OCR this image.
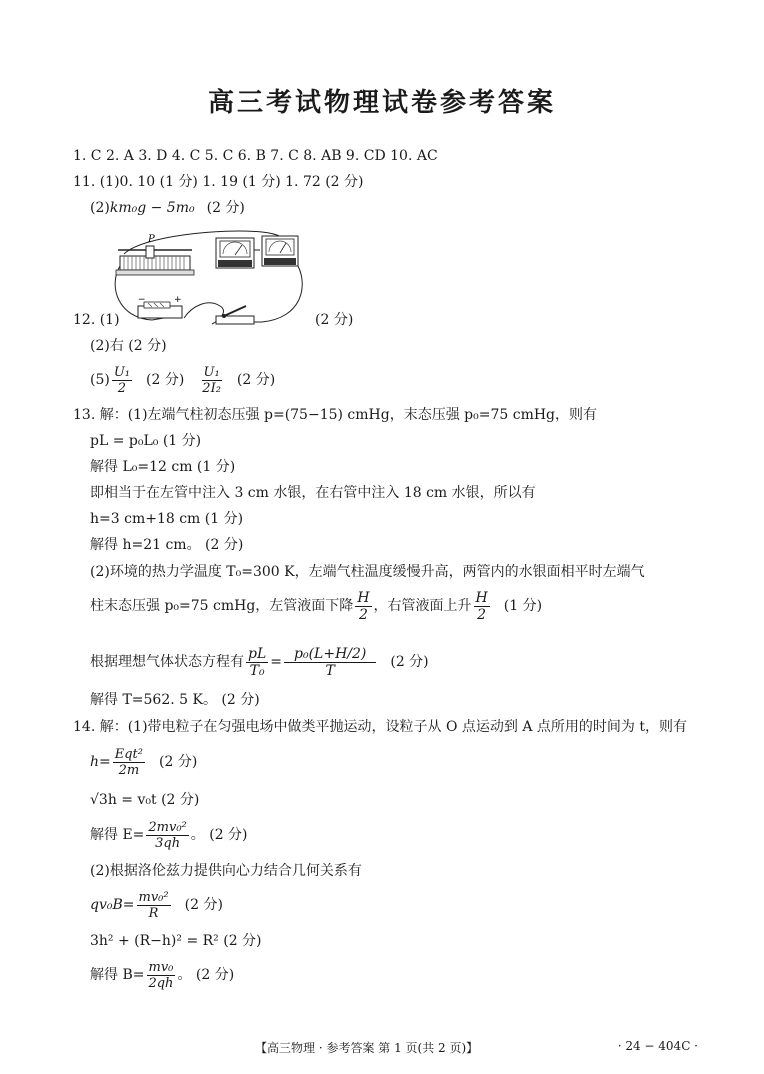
高三考试物理试卷参考答案
1. C 2. A 3. D 4. C 5. C 6. B 7. C 8. AB 9. CD 10. AC
11. (1)0. 10 (1 分) 1. 19 (1 分) 1. 72 (2 分)
(2)km₀g − 5m₀ (2 分)
P
−	+
12. (1)	(2 分)
(2)右 (2 分)
$(5) \frac{\text{U₁}}{2} (2$ 分) $\frac{\text{U₁}}{\text{2I₂}} (2$ 分)
13. 解：(1)左端气柱初态压强 p=(75−15) cmHg，末态压强 p₀=75 cmHg，则有
pL = p₀L₀ (1 分)
解得 L₀=12 cm (1 分)
即相当于在左管中注入 3 cm 水银，在右管中注入 18 cm 水银，所以有
h=3 cm+18 cm (1 分)
解得 h=21 cm。 (2 分)
(2)环境的热力学温度 T₀=300 K，左端气柱温度缓慢升高，两管内的水银面相平时左端气
柱末态压强 p₀=75 cmHg，左管液面下降 $\frac{H}{2}$ ，右管液面上升 $\frac{H}{2} (1$ 分)
根据理想气体状态方程有 $\frac{pL}{\text{T₀}} = \frac{\text{p₀(L+H/2)}}{T} (2$ 分)
解得 T=562. 5 K。 (2 分)
14. 解：(1)带电粒子在匀强电场中做类平抛运动，设粒子从 O 点运动到 A 点所用的时间为 t，则有
$h= \frac{\text{Eqt²}}{2m} (2$ 分)
√3h = v₀t (2 分)
解得 $E= \frac{\text{2mv₀²}}{3qh}$ 。 (2 分)
(2)根据洛伦兹力提供向心力结合几何关系有
$qv_0B= \frac{\text{mv₀²}}{R} (2$ 分)
3h² + (R−h)² = R² (2 分)
解得 $B= \frac{\text{mv₀}}{2qh}$ 。 (2 分)
【高三物理 · 参考答案 第 1 页(共 2 页)】	· 24 − 404C ·
